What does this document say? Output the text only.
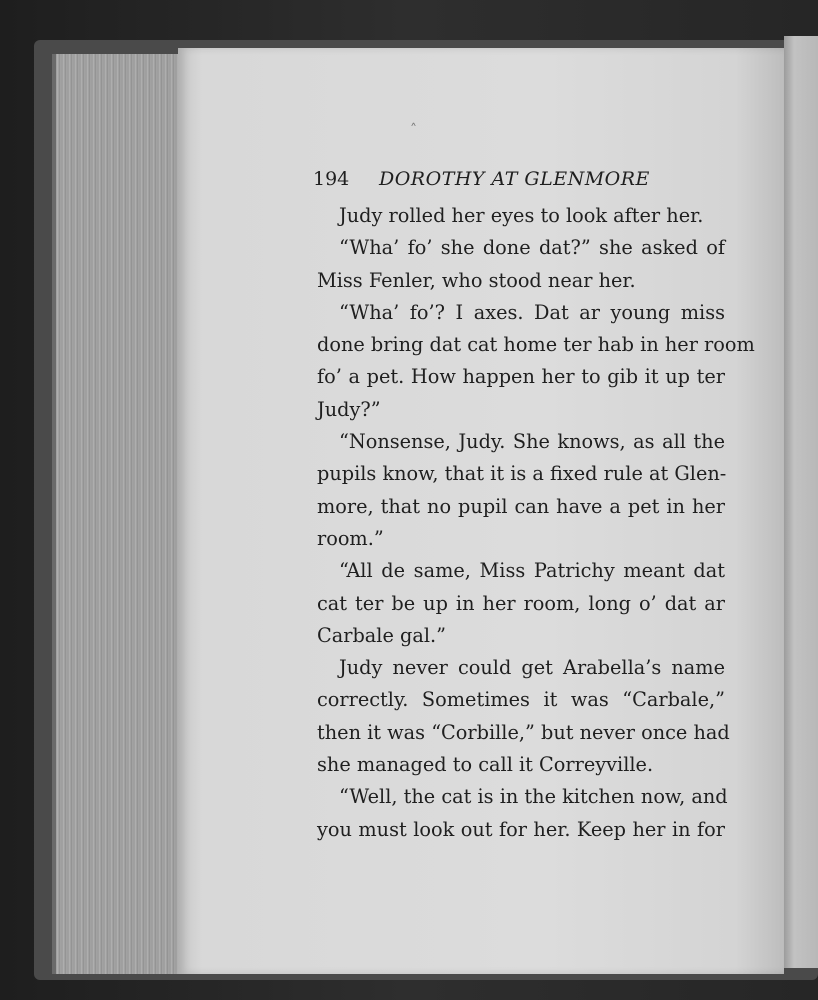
˄
194 DOROTHY AT GLENMORE
Judy rolled her eyes to look after her.
“Wha’ fo’ she done dat?” she asked of
Miss Fenler, who stood near her.
“Wha’ fo’? I axes. Dat ar young miss
done bring dat cat home ter hab in her room
fo’ a pet. How happen her to gib it up ter
Judy?”
“Nonsense, Judy. She knows, as all the
pupils know, that it is a fixed rule at Glen-
more, that no pupil can have a pet in her
room.”
“All de same, Miss Patrichy meant dat
cat ter be up in her room, long o’ dat ar
Carbale gal.”
Judy never could get Arabella’s name
correctly. Sometimes it was “Carbale,”
then it was “Corbille,” but never once had
she managed to call it Correyville.
“Well, the cat is in the kitchen now, and
you must look out for her. Keep her in for
